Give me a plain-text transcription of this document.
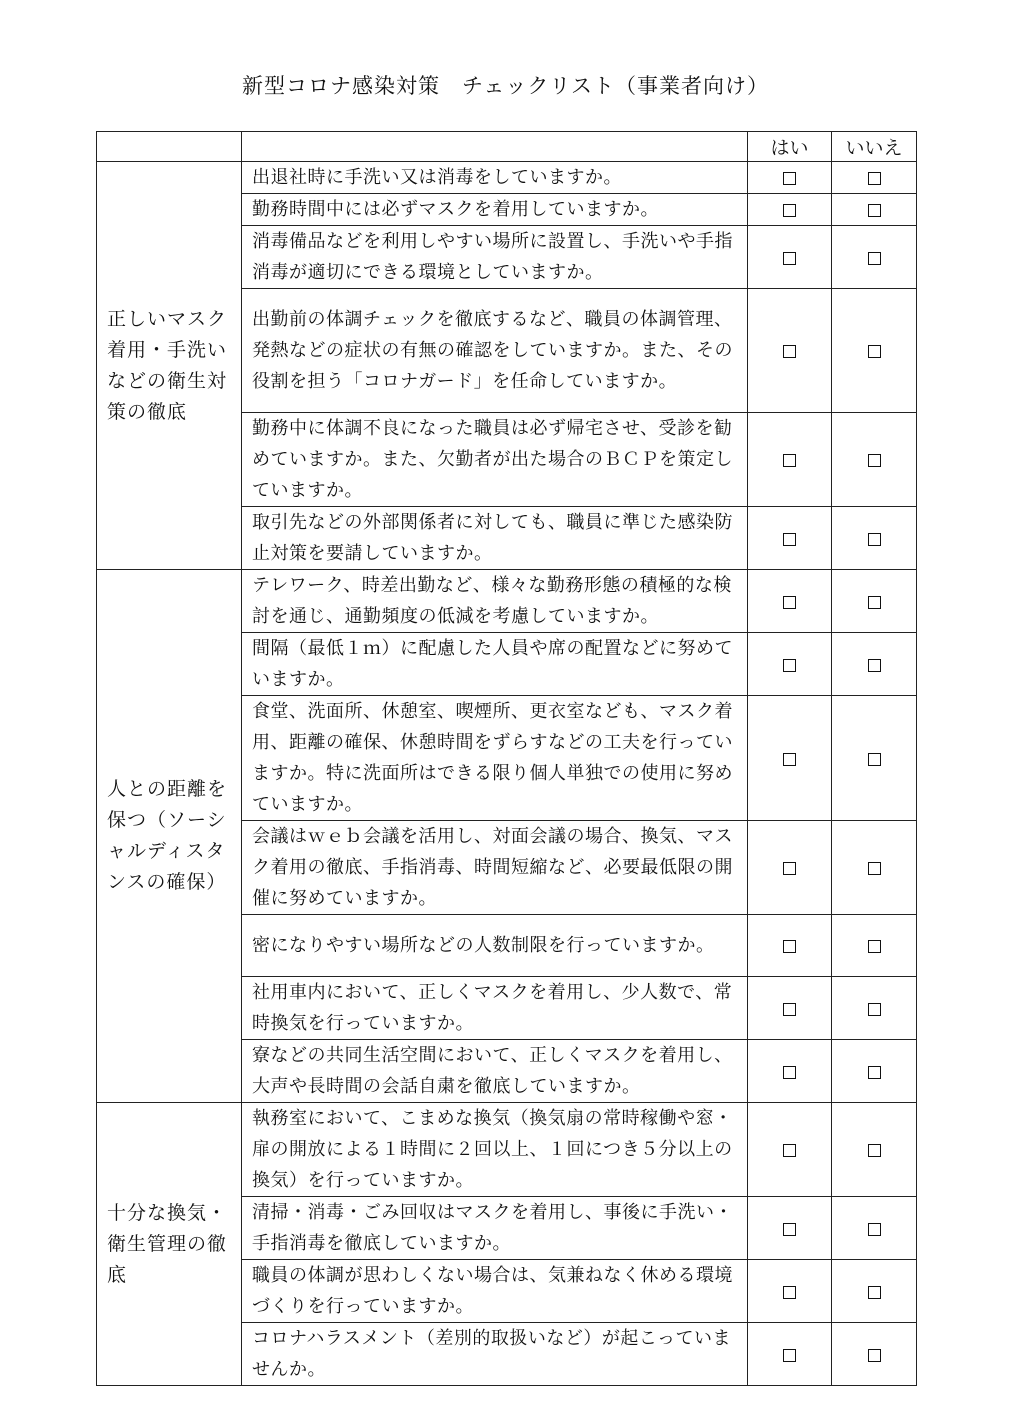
新型コロナ感染対策　チェックリスト（事業者向け）
		はい	いいえ
正しいマスク着用・手洗いなどの衛生対策の徹底	出退社時に手洗い又は消毒をしていますか。		
	勤務時間中には必ずマスクを着用していますか。		
	消毒備品などを利用しやすい場所に設置し、手洗いや手指消毒が適切にできる環境としていますか。		
	出勤前の体調チェックを徹底するなど、職員の体調管理、発熱などの症状の有無の確認をしていますか。また、その役割を担う「コロナガード」を任命していますか。		
	勤務中に体調不良になった職員は必ず帰宅させ、受診を勧めていますか。また、欠勤者が出た場合のＢＣＰを策定していますか。		
	取引先などの外部関係者に対しても、職員に準じた感染防止対策を要請していますか。		
人との距離を保つ（ソーシャルディスタンスの確保）	テレワーク、時差出勤など、様々な勤務形態の積極的な検討を通じ、通勤頻度の低減を考慮していますか。		
	間隔（最低１ｍ）に配慮した人員や席の配置などに努めていますか。		
	食堂、洗面所、休憩室、喫煙所、更衣室なども、マスク着用、距離の確保、休憩時間をずらすなどの工夫を行っていますか。特に洗面所はできる限り個人単独での使用に努めていますか。		
	会議はｗｅｂ会議を活用し、対面会議の場合、換気、マスク着用の徹底、手指消毒、時間短縮など、必要最低限の開催に努めていますか。		
	密になりやすい場所などの人数制限を行っていますか。		
	社用車内において、正しくマスクを着用し、少人数で、常時換気を行っていますか。		
	寮などの共同生活空間において、正しくマスクを着用し、大声や長時間の会話自粛を徹底していますか。		
十分な換気・衛生管理の徹底	執務室において、こまめな換気（換気扇の常時稼働や窓・扉の開放による１時間に２回以上、１回につき５分以上の換気）を行っていますか。		
	清掃・消毒・ごみ回収はマスクを着用し、事後に手洗い・手指消毒を徹底していますか。		
	職員の体調が思わしくない場合は、気兼ねなく休める環境づくりを行っていますか。		
	コロナハラスメント（差別的取扱いなど）が起こっていませんか。		
